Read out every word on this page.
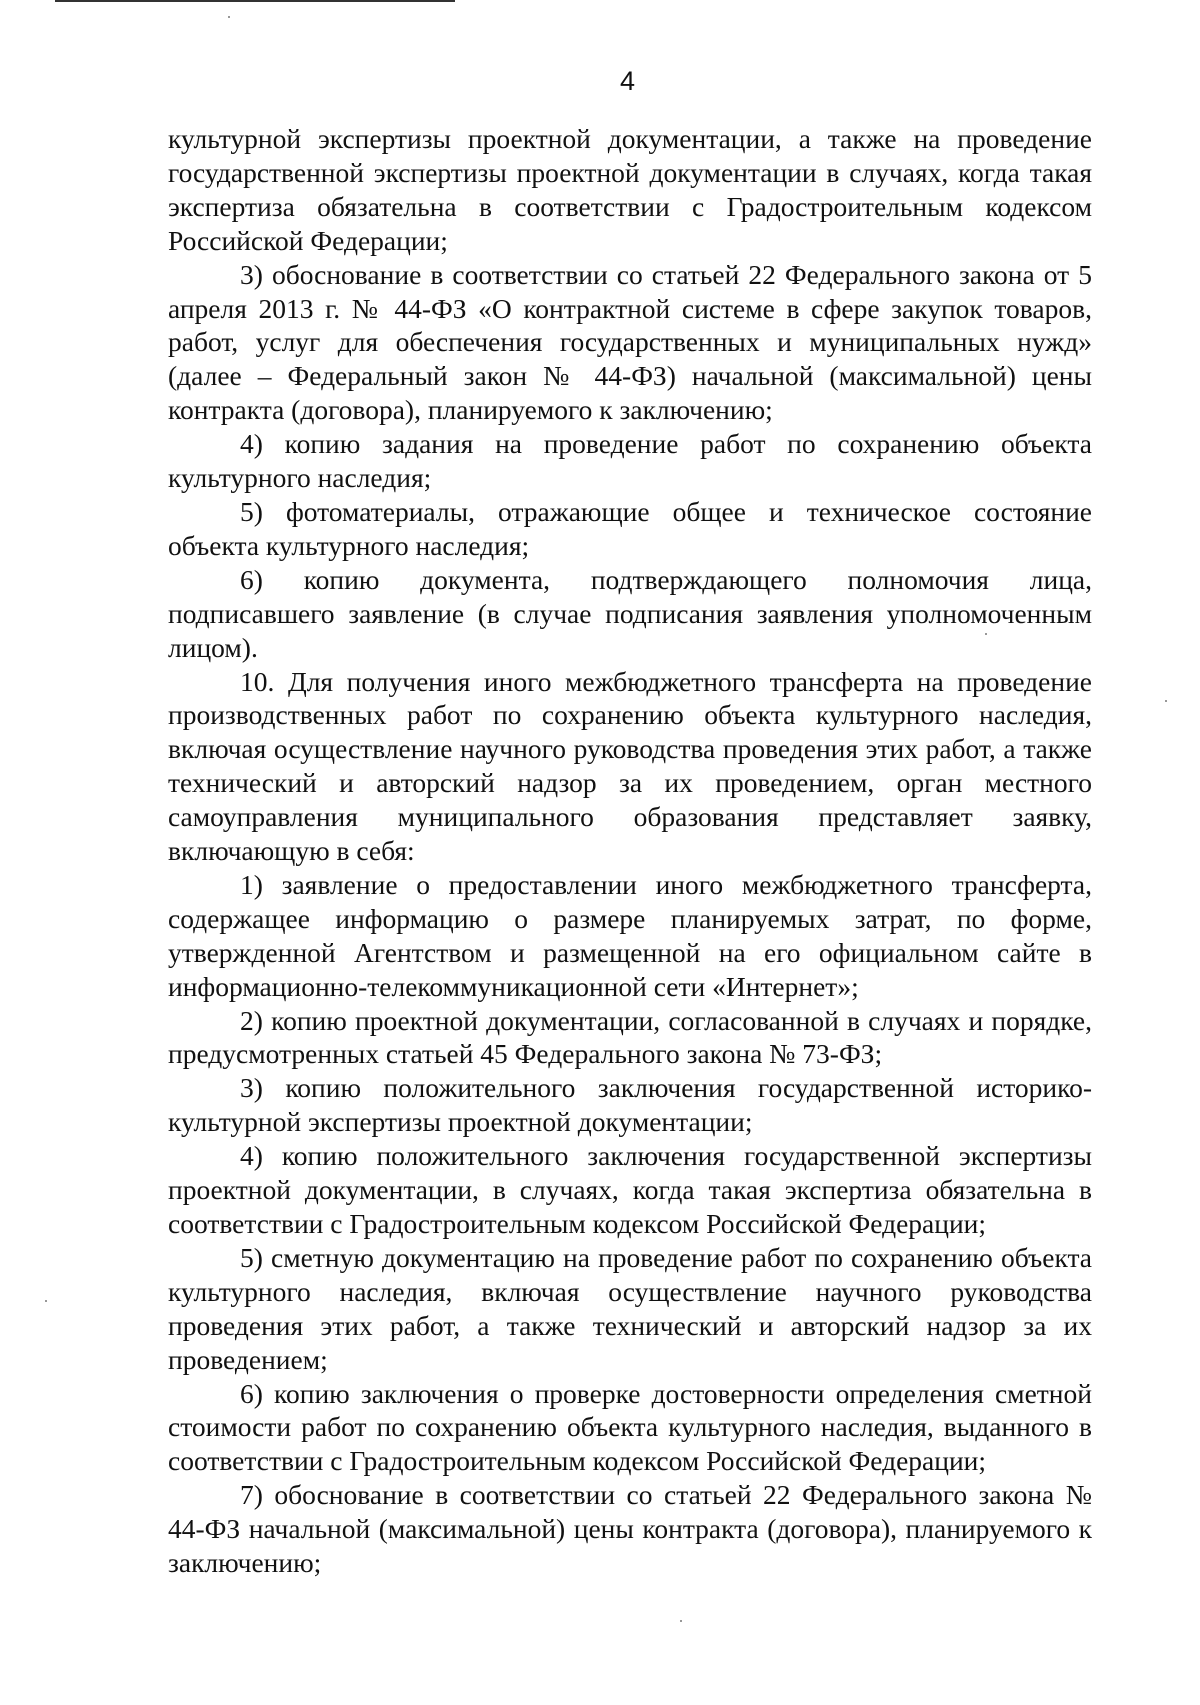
4

культурной экспертизы проектной документации, а также на проведение государственной экспертизы проектной документации в случаях, когда такая экспертиза обязательна в соответствии с Градостроительным кодексом Российской Федерации;

3) обоснование в соответствии со статьей 22 Федерального закона от 5 апреля 2013 г. № 44-ФЗ «О контрактной системе в сфере закупок товаров, работ, услуг для обеспечения государственных и муниципальных нужд» (далее – Федеральный закон № 44-ФЗ) начальной (максимальной) цены контракта (договора), планируемого к заключению;

4) копию задания на проведение работ по сохранению объекта культурного наследия;

5) фотоматериалы, отражающие общее и техническое состояние объекта культурного наследия;

6) копию документа, подтверждающего полномочия лица, подписавшего заявление (в случае подписания заявления уполномоченным лицом).

10. Для получения иного межбюджетного трансферта на проведение производственных работ по сохранению объекта культурного наследия, включая осуществление научного руководства проведения этих работ, а также технический и авторский надзор за их проведением, орган местного самоуправления муниципального образования представляет заявку, включающую в себя:

1) заявление о предоставлении иного межбюджетного трансферта, содержащее информацию о размере планируемых затрат, по форме, утвержденной Агентством и размещенной на его официальном сайте в информационно-телекоммуникационной сети «Интернет»;

2) копию проектной документации, согласованной в случаях и порядке, предусмотренных статьей 45 Федерального закона № 73-ФЗ;

3) копию положительного заключения государственной историко-культурной экспертизы проектной документации;

4) копию положительного заключения государственной экспертизы проектной документации, в случаях, когда такая экспертиза обязательна в соответствии с Градостроительным кодексом Российской Федерации;

5) сметную документацию на проведение работ по сохранению объекта культурного наследия, включая осуществление научного руководства проведения этих работ, а также технический и авторский надзор за их проведением;

6) копию заключения о проверке достоверности определения сметной стоимости работ по сохранению объекта культурного наследия, выданного в соответствии с Градостроительным кодексом Российской Федерации;

7) обоснование в соответствии со статьей 22 Федерального закона № 44-ФЗ начальной (максимальной) цены контракта (договора), планируемого к заключению;
